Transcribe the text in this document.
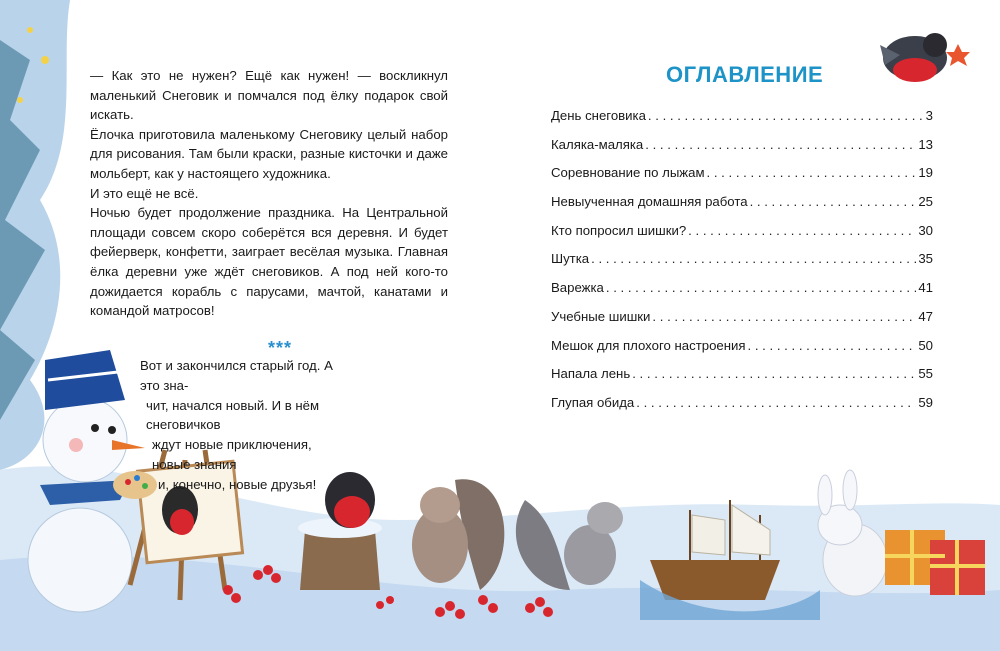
— Как это не нужен? Ещё как нужен! — воскликнул маленький Снеговик и помчался под ёлку подарок свой искать.

Ёлочка приготовила маленькому Снеговику целый набор для рисования. Там были краски, разные кисточки и даже мольберт, как у настоящего художника.

И это ещё не всё.

Ночью будет продолжение праздника. На Центральной площади совсем скоро соберётся вся деревня. И будет фейерверк, конфетти, заиграет весёлая музыка. Главная ёлка деревни уже ждёт снеговиков. А под ней кого-то дожидается корабль с парусами, мачтой, канатами и командой матросов!

***

Вот и закончился старый год. А это зна-

чит, начался новый. И в нём снеговичков

ждут новые приключения, новые знания

и, конечно, новые друзья!

ОГЛАВЛЕНИЕ
День снеговика . . .	3
Каляка-маляка . . .	13
Соревнование по лыжам . . .	19
Невыученная домашняя работа . . .	25
Кто попросил шишки? . . .	30
Шутка . . .	35
Варежка . . .	41
Учебные шишки . . .	47
Мешок для плохого настроения . . .	50
Напала лень . . .	55
Глупая обида . . .	59
